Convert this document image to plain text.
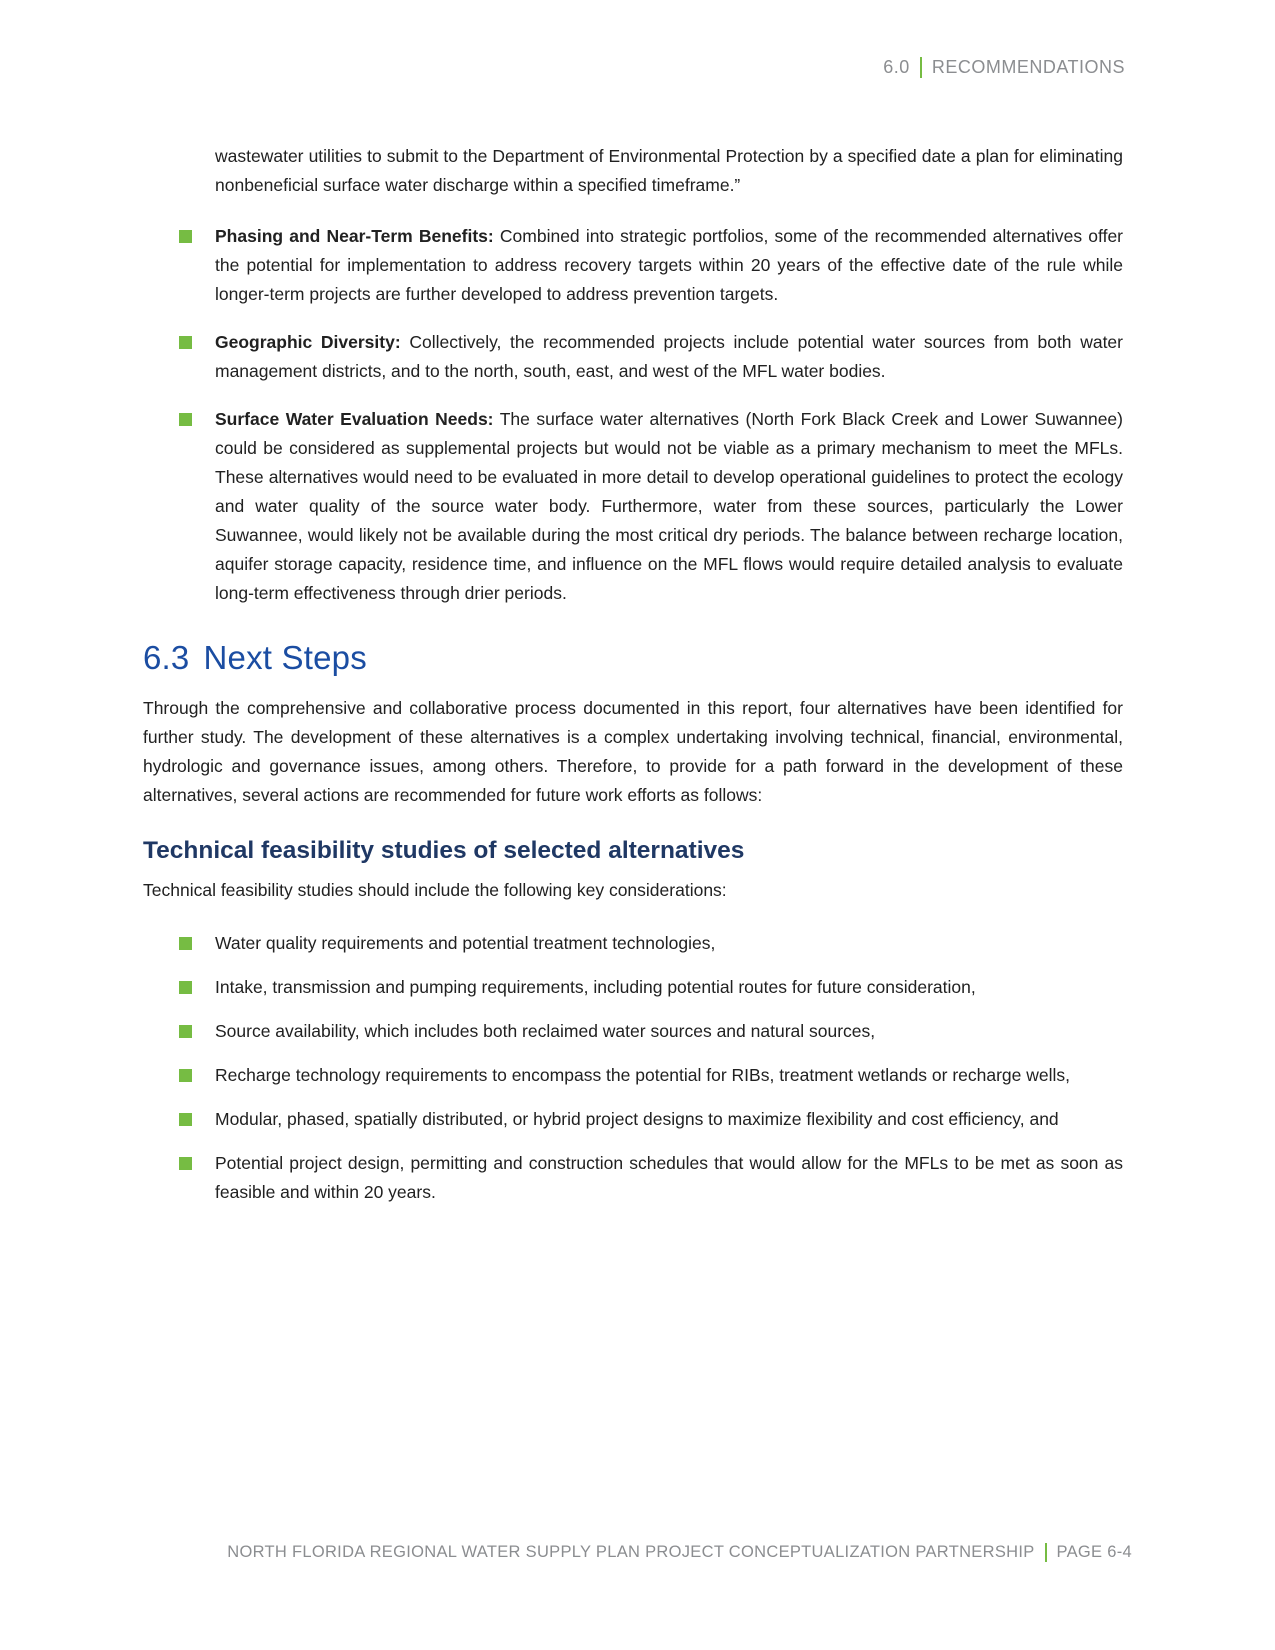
6.0 RECOMMENDATIONS

wastewater utilities to submit to the Department of Environmental Protection by a specified date a plan for eliminating nonbeneficial surface water discharge within a specified timeframe.”

Phasing and Near-Term Benefits: Combined into strategic portfolios, some of the recommended alternatives offer the potential for implementation to address recovery targets within 20 years of the effective date of the rule while longer-term projects are further developed to address prevention targets.
Geographic Diversity: Collectively, the recommended projects include potential water sources from both water management districts, and to the north, south, east, and west of the MFL water bodies.
Surface Water Evaluation Needs: The surface water alternatives (North Fork Black Creek and Lower Suwannee) could be considered as supplemental projects but would not be viable as a primary mechanism to meet the MFLs. These alternatives would need to be evaluated in more detail to develop operational guidelines to protect the ecology and water quality of the source water body. Furthermore, water from these sources, particularly the Lower Suwannee, would likely not be available during the most critical dry periods. The balance between recharge location, aquifer storage capacity, residence time, and influence on the MFL flows would require detailed analysis to evaluate long-term effectiveness through drier periods.
6.3 Next Steps

Through the comprehensive and collaborative process documented in this report, four alternatives have been identified for further study. The development of these alternatives is a complex undertaking involving technical, financial, environmental, hydrologic and governance issues, among others. Therefore, to provide for a path forward in the development of these alternatives, several actions are recommended for future work efforts as follows:

Technical feasibility studies of selected alternatives

Technical feasibility studies should include the following key considerations:

Water quality requirements and potential treatment technologies,
Intake, transmission and pumping requirements, including potential routes for future consideration,
Source availability, which includes both reclaimed water sources and natural sources,
Recharge technology requirements to encompass the potential for RIBs, treatment wetlands or recharge wells,
Modular, phased, spatially distributed, or hybrid project designs to maximize flexibility and cost efficiency, and
Potential project design, permitting and construction schedules that would allow for the MFLs to be met as soon as feasible and within 20 years.
NORTH FLORIDA REGIONAL WATER SUPPLY PLAN PROJECT CONCEPTUALIZATION PARTNERSHIP PAGE 6-4
